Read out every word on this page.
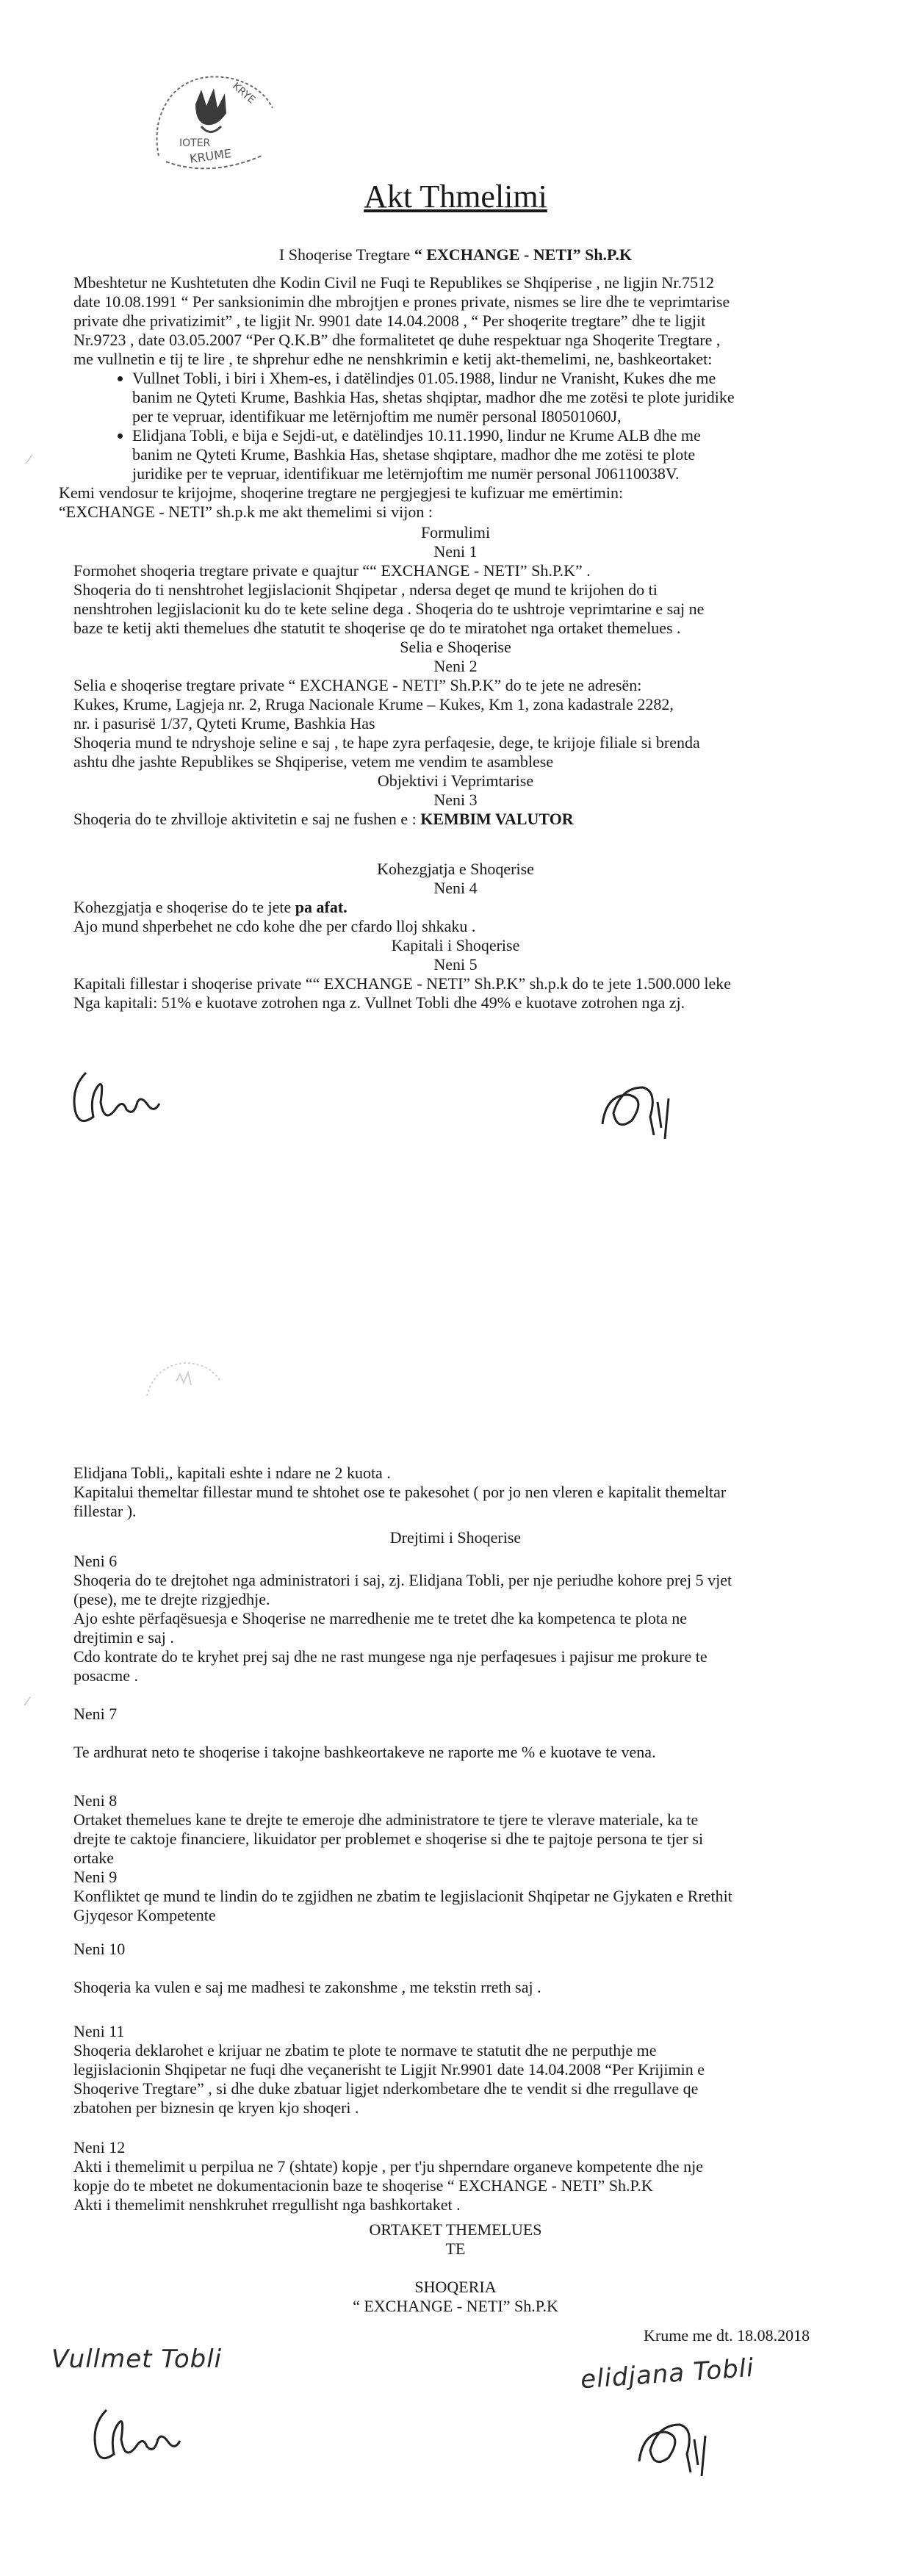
KRYE
IOTER
KRUME
Akt Thmelimi
I Shoqerise Tregtare “ EXCHANGE - NETI” Sh.P.K

Mbeshtetur ne Kushtetuten dhe Kodin Civil ne Fuqi te Republikes se Shqiperise , ne ligjin Nr.7512

date 10.08.1991 “ Per sanksionimin dhe mbrojtjen e prones private, nismes se lire dhe te veprimtarise

private dhe privatizimit” , te ligjit Nr. 9901 date 14.04.2008 , “ Per shoqerite tregtare” dhe te ligjit

Nr.9723 , date 03.05.2007 “Per Q.K.B” dhe formalitetet qe duhe respektuar nga Shoqerite Tregtare ,

me vullnetin e tij te lire , te shprehur edhe ne nenshkrimin e ketij akt-themelimi, ne, bashkeortaket:

• Vullnet Tobli, i biri i Xhem-es, i datëlindjes 01.05.1988, lindur ne Vranisht, Kukes dhe me

banim ne Qyteti Krume, Bashkia Has, shetas shqiptar, madhor dhe me zotësi te plote juridike

per te vepruar, identifikuar me letërnjoftim me numër personal I80501060J,

• Elidjana Tobli, e bija e Sejdi-ut, e datëlindjes 10.11.1990, lindur ne Krume ALB dhe me

banim ne Qyteti Krume, Bashkia Has, shetase shqiptare, madhor dhe me zotësi te plote

juridike per te vepruar, identifikuar me letërnjoftim me numër personal J06110038V.

Kemi vendosur te krijojme, shoqerine tregtare ne pergjegjesi te kufizuar me emërtimin:

“EXCHANGE - NETI” sh.p.k me akt themelimi si vijon :

Formulimi
Neni 1

Formohet shoqeria tregtare private e quajtur ““ EXCHANGE - NETI” Sh.P.K” .

Shoqeria do ti nenshtrohet legjislacionit Shqipetar , ndersa deget qe mund te krijohen do ti

nenshtrohen legjislacionit ku do te kete seline dega . Shoqeria do te ushtroje veprimtarine e saj ne

baze te ketij akti themelues dhe statutit te shoqerise qe do te miratohet nga ortaket themelues .

Selia e Shoqerise
Neni 2

Selia e shoqerise tregtare private “ EXCHANGE - NETI” Sh.P.K” do te jete ne adresën:

Kukes, Krume, Lagjeja nr. 2, Rruga Nacionale Krume – Kukes, Km 1, zona kadastrale 2282,

nr. i pasurisë 1/37, Qyteti Krume, Bashkia Has

Shoqeria mund te ndryshoje seline e saj , te hape zyra perfaqesie, dege, te krijoje filiale si brenda

ashtu dhe jashte Republikes se Shqiperise, vetem me vendim te asamblese

Objektivi i Veprimtarise
Neni 3
Shoqeria do te zhvilloje aktivitetin e saj ne fushen e : KEMBIM VALUTOR
Kohezgjatja e Shoqerise
Neni 4

Kohezgjatja e shoqerise do te jete pa afat.

Ajo mund shperbehet ne cdo kohe dhe per cfardo lloj shkaku .

Kapitali i Shoqerise
Neni 5

Kapitali fillestar i shoqerise private ““ EXCHANGE - NETI” Sh.P.K” sh.p.k do te jete 1.500.000 leke

Nga kapitali: 51% e kuotave zotrohen nga z. Vullnet Tobli dhe 49% e kuotave zotrohen nga zj.

⁄

Elidjana Tobli,, kapitali eshte i ndare ne 2 kuota .

Kapitalui themeltar fillestar mund te shtohet ose te pakesohet ( por jo nen vleren e kapitalit themeltar

fillestar ).

Drejtimi i Shoqerise

Neni 6

Shoqeria do te drejtohet nga administratori i saj, zj. Elidjana Tobli, per nje periudhe kohore prej 5 vjet

(pese), me te drejte rizgjedhje.

Ajo eshte përfaqësuesja e Shoqerise ne marredhenie me te tretet dhe ka kompetenca te plota ne

drejtimin e saj .

Cdo kontrate do te kryhet prej saj dhe ne rast mungese nga nje perfaqesues i pajisur me prokure te

posacme .

Neni 7

Te ardhurat neto te shoqerise i takojne bashkeortakeve ne raporte me % e kuotave te vena.

Neni 8

Ortaket themelues kane te drejte te emeroje dhe administratore te tjere te vlerave materiale, ka te

drejte te caktoje financiere, likuidator per problemet e shoqerise si dhe te pajtoje persona te tjer si

ortake

Neni 9

Konfliktet qe mund te lindin do te zgjidhen ne zbatim te legjislacionit Shqipetar ne Gjykaten e Rrethit

Gjyqesor Kompetente

Neni 10

Shoqeria ka vulen e saj me madhesi te zakonshme , me tekstin rreth saj .

Neni 11

Shoqeria deklarohet e krijuar ne zbatim te plote te normave te statutit dhe ne perputhje me

legjislacionin Shqipetar ne fuqi dhe veçanerisht te Ligjit Nr.9901 date 14.04.2008 “Per Krijimin e

Shoqerive Tregtare” , si dhe duke zbatuar ligjet nderkombetare dhe te vendit si dhe rregullave qe

zbatohen per biznesin qe kryen kjo shoqeri .

Neni 12

Akti i themelimit u perpilua ne 7 (shtate) kopje , per t'ju shperndare organeve kompetente dhe nje

kopje do te mbetet ne dokumentacionin baze te shoqerise “ EXCHANGE - NETI” Sh.P.K

Akti i themelimit nenshkruhet rregullisht nga bashkortaket .

ORTAKET THEMELUES

TE

SHOQERIA

“ EXCHANGE - NETI” Sh.P.K

Krume me dt. 18.08.2018
Vullmet Tobli	elidjana Tobli
⁄
